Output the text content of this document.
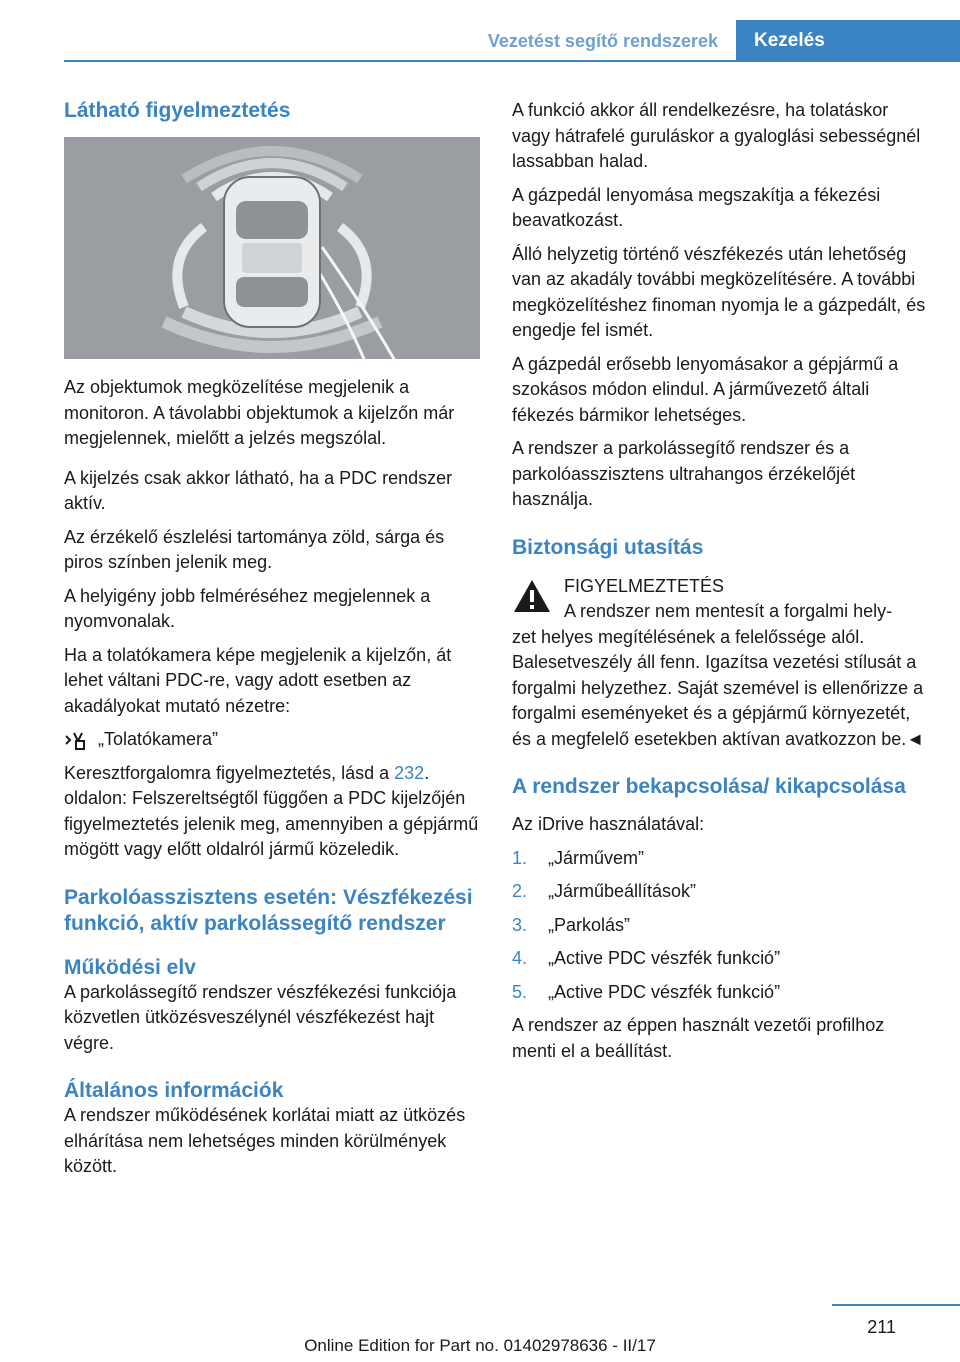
Vezetést segítő rendszerek	Kezelés
Látható figyelmeztetés

Az objektumok megközelítése megjelenik a monitoron. A távolabbi objektumok a kijelzőn már megjelennek, mielőtt a jelzés megszólal.

A kijelzés csak akkor látható, ha a PDC rendszer aktív.

Az érzékelő észlelési tartománya zöld, sárga és piros színben jelenik meg.

A helyigény jobb felméréséhez megjelennek a nyomvonalak.

Ha a tolatókamera képe megjelenik a kijelzőn, át lehet váltani PDC-re, vagy adott esetben az akadályokat mutató nézetre:

„Tolatókamera”

Keresztforgalomra figyelmeztetés, lásd a 232. oldalon: Felszereltségtől függően a PDC kijelzőjén figyelmeztetés jelenik meg, amennyiben a gépjármű mögött vagy előtt oldalról jármű közeledik.

Parkolóasszisztens esetén: Vészfékezési funkció, aktív parkolássegítő rendszer
Működési elv

A parkolássegítő rendszer vészfékezési funkciója közvetlen ütközésveszélynél vészfékezést hajt végre.

Általános információk

A rendszer működésének korlátai miatt az ütközés elhárítása nem lehetséges minden körülmények között.

A funkció akkor áll rendelkezésre, ha tolatáskor vagy hátrafelé guruláskor a gyaloglási sebességnél lassabban halad.

A gázpedál lenyomása megszakítja a fékezési beavatkozást.

Álló helyzetig történő vészfékezés után lehetőség van az akadály további megközelítésére. A további megközelítéshez finoman nyomja le a gázpedált, és engedje fel ismét.

A gázpedál erősebb lenyomásakor a gépjármű a szokásos módon elindul. A járművezető általi fékezés bármikor lehetséges.

A rendszer a parkolássegítő rendszer és a parkolóasszisztens ultrahangos érzékelőjét használja.

Biztonsági utasítás
FIGYELMEZTETÉS
A rendszer nem mentesít a forgalmi hely-
zet helyes megítélésének a felelőssége alól. Balesetveszély áll fenn. Igazítsa vezetési stílusát a forgalmi helyzethez. Saját szemével is ellenőrizze a forgalmi eseményeket és a gépjármű környezetét, és a megfelelő esetekben aktívan avatkozzon be.◄
A rendszer bekapcsolása/ kikapcsolása

Az iDrive használatával:

1. „Járművem”
2. „Járműbeállítások”
3. „Parkolás”
4. „Active PDC vészfék funkció”
5. „Active PDC vészfék funkció”

A rendszer az éppen használt vezetői profilhoz menti el a beállítást.

211
Online Edition for Part no. 01402978636 - II/17
